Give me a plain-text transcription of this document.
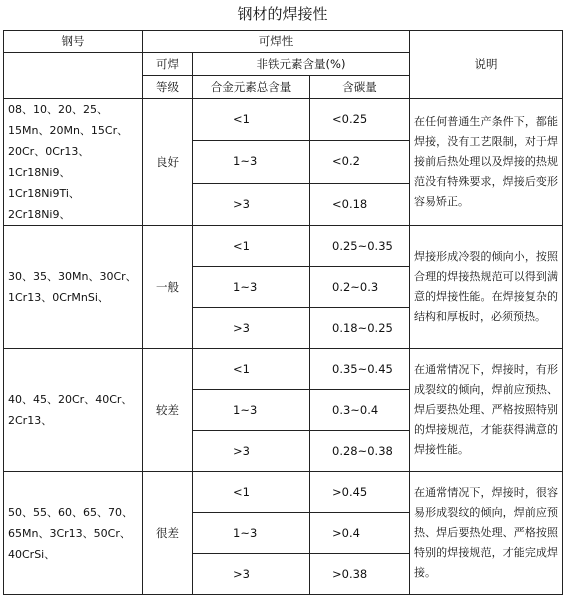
钢材的焊接性
钢号	可焊性			说明
	可焊	非铁元素含量(%)		
	等级	合金元素总含量	含碳量	
08、10、20、25、15Mn、20Mn、15Cr、20Cr、0Cr13、1Cr18Ni9、1Cr18Ni9Ti、2Cr18Ni9、	良好	<1	<0.25	在任何普通生产条件下，都能焊接，没有工艺限制，对于焊接前后热处理以及焊接的热规范没有特殊要求，焊接后变形容易矫正。
		1~3	<0.2	
		>3	<0.18	
30、35、30Mn、30Cr、1Cr13、0CrMnSi、	一般	<1	0.25~0.35	焊接形成冷裂的倾向小，按照合理的焊接热规范可以得到满意的焊接性能。在焊接复杂的结构和厚板时，必须预热。
		1~3	0.2~0.3	
		>3	0.18~0.25	
40、45、20Cr、40Cr、2Cr13、	较差	<1	0.35~0.45	在通常情况下，焊接时，有形成裂纹的倾向，焊前应预热、焊后要热处理、严格按照特别的焊接规范，才能获得满意的焊接性能。
		1~3	0.3~0.4	
		>3	0.28~0.38	
50、55、60、65、70、65Mn、3Cr13、50Cr、40CrSi、	很差	<1	>0.45	在通常情况下，焊接时，很容易形成裂纹的倾向，焊前应预热、焊后要热处理、严格按照特别的焊接规范，才能完成焊接。
		1~3	>0.4	
		>3	>0.38	
